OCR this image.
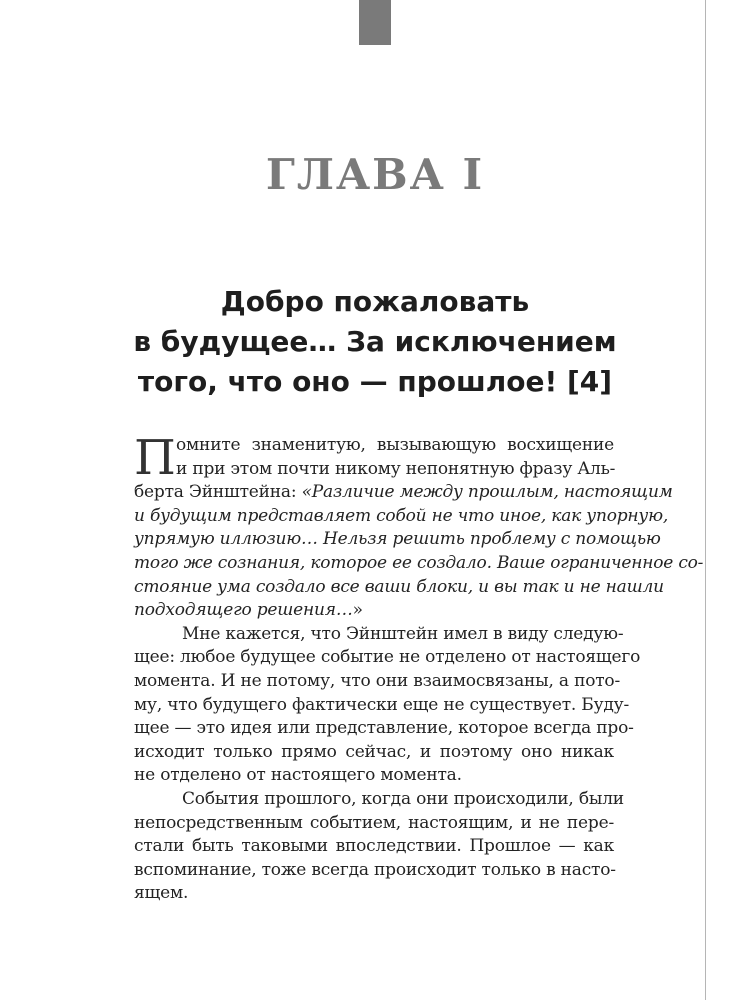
ГЛАВА I
Добро пожаловать
в будущее… За исключением
того, что оно — прошлое! [4]
П омните знаменитую, вызывающую восхищение
и при этом почти никому непонятную фразу Аль-
берта Эйнштейна: «Различие между прошлым, настоящим
и будущим представляет собой не что иное, как упорную,
упрямую иллюзию… Нельзя решить проблему с помощью
того же сознания, которое ее создало. Ваше ограниченное со-
стояние ума создало все ваши блоки, и вы так и не нашли
подходящего решения…»
Мне кажется, что Эйнштейн имел в виду следую-
щее: любое будущее событие не отделено от настоящего
момента. И не потому, что они взаимосвязаны, а пото-
му, что будущего фактически еще не существует. Буду-
щее — это идея или представление, которое всегда про-
исходит только прямо сейчас, и поэтому оно никак
не отделено от настоящего момента.
События прошлого, когда они происходили, были
непосредственным событием, настоящим, и не пере-
стали быть таковыми впоследствии. Прошлое — как
вспоминание, тоже всегда происходит только в насто-
ящем.
